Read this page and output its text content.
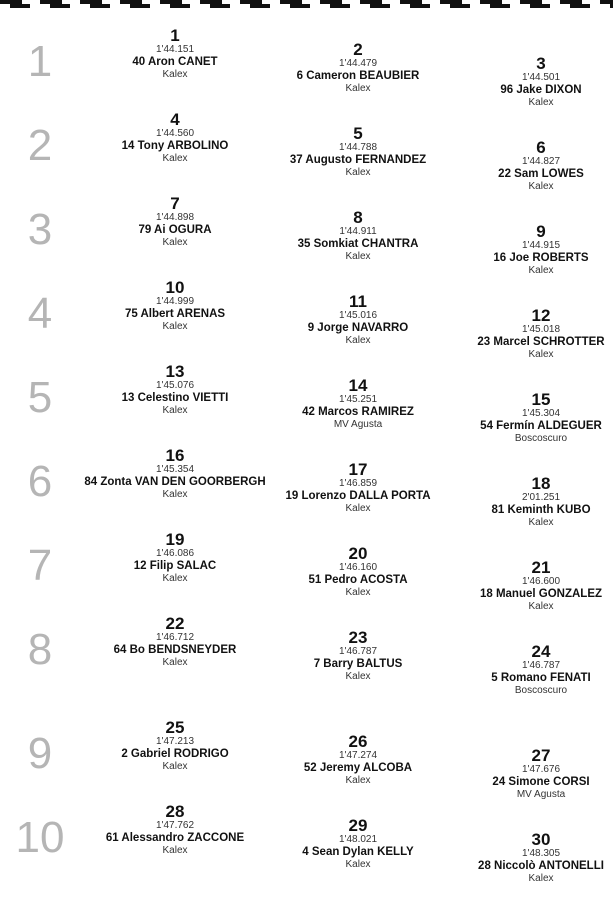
1
1
1'44.151
40 Aron CANET
Kalex
2
1'44.479
6 Cameron BEAUBIER
Kalex
3
1'44.501
96 Jake DIXON
Kalex
2
4
1'44.560
14 Tony ARBOLINO
Kalex
5
1'44.788
37 Augusto FERNANDEZ
Kalex
6
1'44.827
22 Sam LOWES
Kalex
3
7
1'44.898
79 Ai OGURA
Kalex
8
1'44.911
35 Somkiat CHANTRA
Kalex
9
1'44.915
16 Joe ROBERTS
Kalex
4
10
1'44.999
75 Albert ARENAS
Kalex
11
1'45.016
9 Jorge NAVARRO
Kalex
12
1'45.018
23 Marcel SCHROTTER
Kalex
5
13
1'45.076
13 Celestino VIETTI
Kalex
14
1'45.251
42 Marcos RAMIREZ
MV Agusta
15
1'45.304
54 Fermín ALDEGUER
Boscoscuro
6
16
1'45.354
84 Zonta VAN DEN GOORBERGH
Kalex
17
1'46.859
19 Lorenzo DALLA PORTA
Kalex
18
2'01.251
81 Keminth KUBO
Kalex
7
19
1'46.086
12 Filip SALAC
Kalex
20
1'46.160
51 Pedro ACOSTA
Kalex
21
1'46.600
18 Manuel GONZALEZ
Kalex
8
22
1'46.712
64 Bo BENDSNEYDER
Kalex
23
1'46.787
7 Barry BALTUS
Kalex
24
1'46.787
5 Romano FENATI
Boscoscuro
9
25
1'47.213
2 Gabriel RODRIGO
Kalex
26
1'47.274
52 Jeremy ALCOBA
Kalex
27
1'47.676
24 Simone CORSI
MV Agusta
10
28
1'47.762
61 Alessandro ZACCONE
Kalex
29
1'48.021
4 Sean Dylan KELLY
Kalex
30
1'48.305
28 Niccolò ANTONELLI
Kalex
